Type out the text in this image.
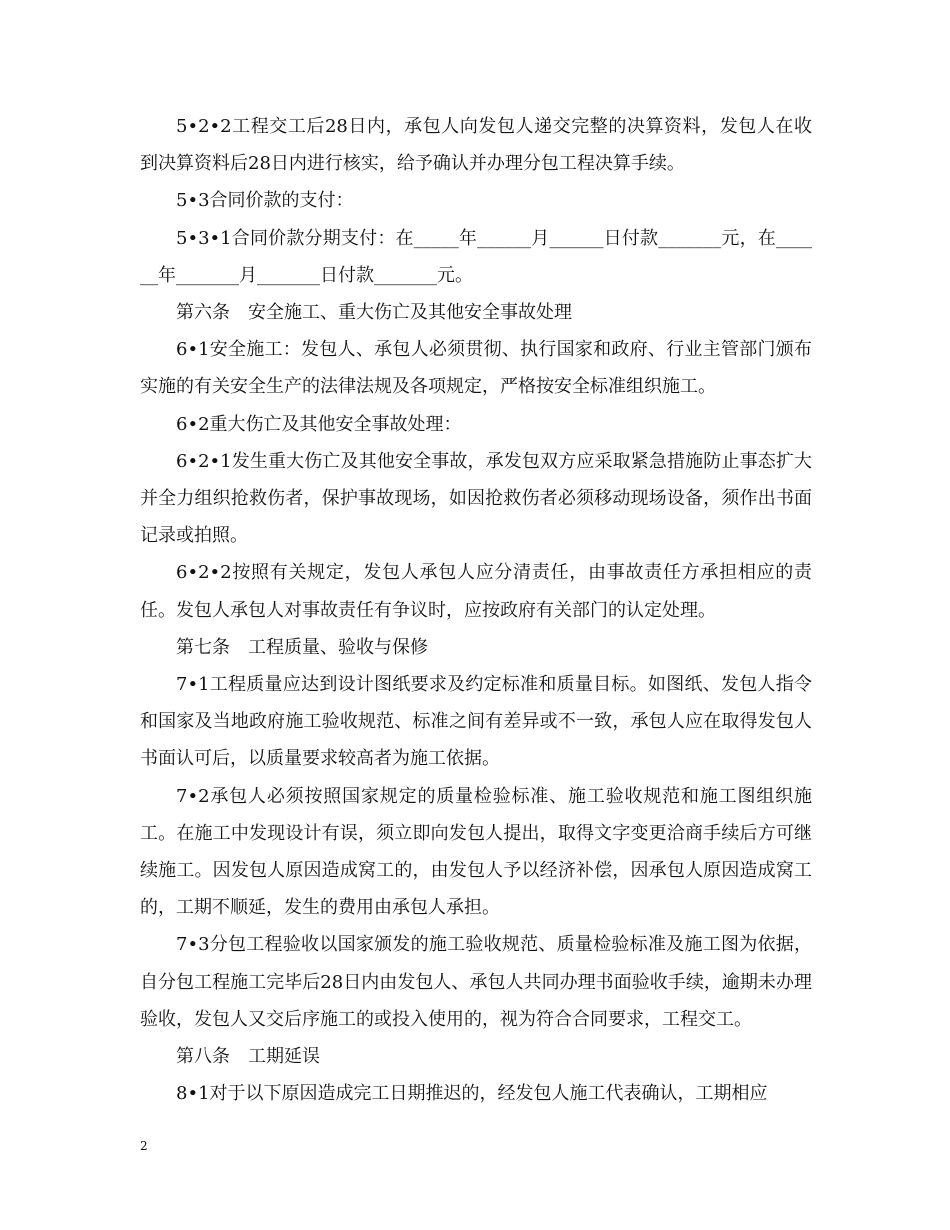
5•2•2工程交工后28日内，承包人向发包人递交完整的决算资料，发包人在收到决算资料后28日内进行核实，给予确认并办理分包工程决算手续。

5•3合同价款的支付：

5•3•1合同价款分期支付：在_____年______月______日付款_______元，在______年_______月_______日付款_______元。

第六条　安全施工、重大伤亡及其他安全事故处理

6•1安全施工：发包人、承包人必须贯彻、执行国家和政府、行业主管部门颁布实施的有关安全生产的法律法规及各项规定，严格按安全标准组织施工。

6•2重大伤亡及其他安全事故处理：

6•2•1发生重大伤亡及其他安全事故，承发包双方应采取紧急措施防止事态扩大并全力组织抢救伤者，保护事故现场，如因抢救伤者必须移动现场设备，须作出书面记录或拍照。

6•2•2按照有关规定，发包人承包人应分清责任，由事故责任方承担相应的责任。发包人承包人对事故责任有争议时，应按政府有关部门的认定处理。

第七条　工程质量、验收与保修

7•1工程质量应达到设计图纸要求及约定标准和质量目标。如图纸、发包人指令和国家及当地政府施工验收规范、标准之间有差异或不一致，承包人应在取得发包人书面认可后，以质量要求较高者为施工依据。

7•2承包人必须按照国家规定的质量检验标准、施工验收规范和施工图组织施工。在施工中发现设计有误，须立即向发包人提出，取得文字变更洽商手续后方可继续施工。因发包人原因造成窝工的，由发包人予以经济补偿，因承包人原因造成窝工的，工期不顺延，发生的费用由承包人承担。

7•3分包工程验收以国家颁发的施工验收规范、质量检验标准及施工图为依据，自分包工程施工完毕后28日内由发包人、承包人共同办理书面验收手续，逾期未办理验收，发包人又交后序施工的或投入使用的，视为符合合同要求，工程交工。

第八条　工期延误

8•1对于以下原因造成完工日期推迟的，经发包人施工代表确认，工期相应

2
